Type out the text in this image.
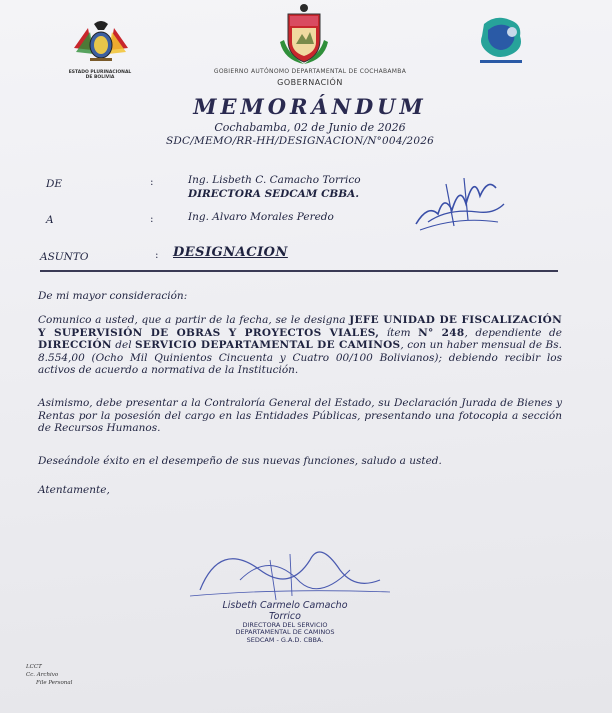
ESTADO PLURINACIONAL
DE BOLIVIA
GOBIERNO AUTÓNOMO DEPARTAMENTAL DE COCHABAMBA
GOBERNACIÓN
MEMORÁNDUM
Cochabamba, 02 de Junio de 2026
SDC/MEMO/RR-HH/DESIGNACION/N°004/2026
DE	:	Ing. Lisbeth C. Camacho Torrico
DIRECTORA SEDCAM CBBA.
A	:	Ing. Alvaro Morales Peredo
ASUNTO	: DESIGNACION
De mi mayor consideración:
Comunico a usted, que a partir de la fecha, se le designa JEFE UNIDAD DE FISCALIZACIÓN Y SUPERVISIÓN DE OBRAS Y PROYECTOS VIALES, ítem N° 248, dependiente de DIRECCIÓN del SERVICIO DEPARTAMENTAL DE CAMINOS, con un haber mensual de Bs. 8.554,00 (Ocho Mil Quinientos Cincuenta y Cuatro 00/100 Bolivianos); debiendo recibir los activos de acuerdo a normativa de la Institución.
Asimismo, debe presentar a la Contraloría General del Estado, su Declaración Jurada de Bienes y Rentas por la posesión del cargo en las Entidades Públicas, presentando una fotocopia a sección de Recursos Humanos.
Deseándole éxito en el desempeño de sus nuevas funciones, saludo a usted.
Atentamente,
Lisbeth Carmelo Camacho Torrico
DIRECTORA DEL SERVICIO
DEPARTAMENTAL DE CAMINOS
SEDCAM - G.A.D. CBBA.
LCCT
Cc. Archivo
File Personal
